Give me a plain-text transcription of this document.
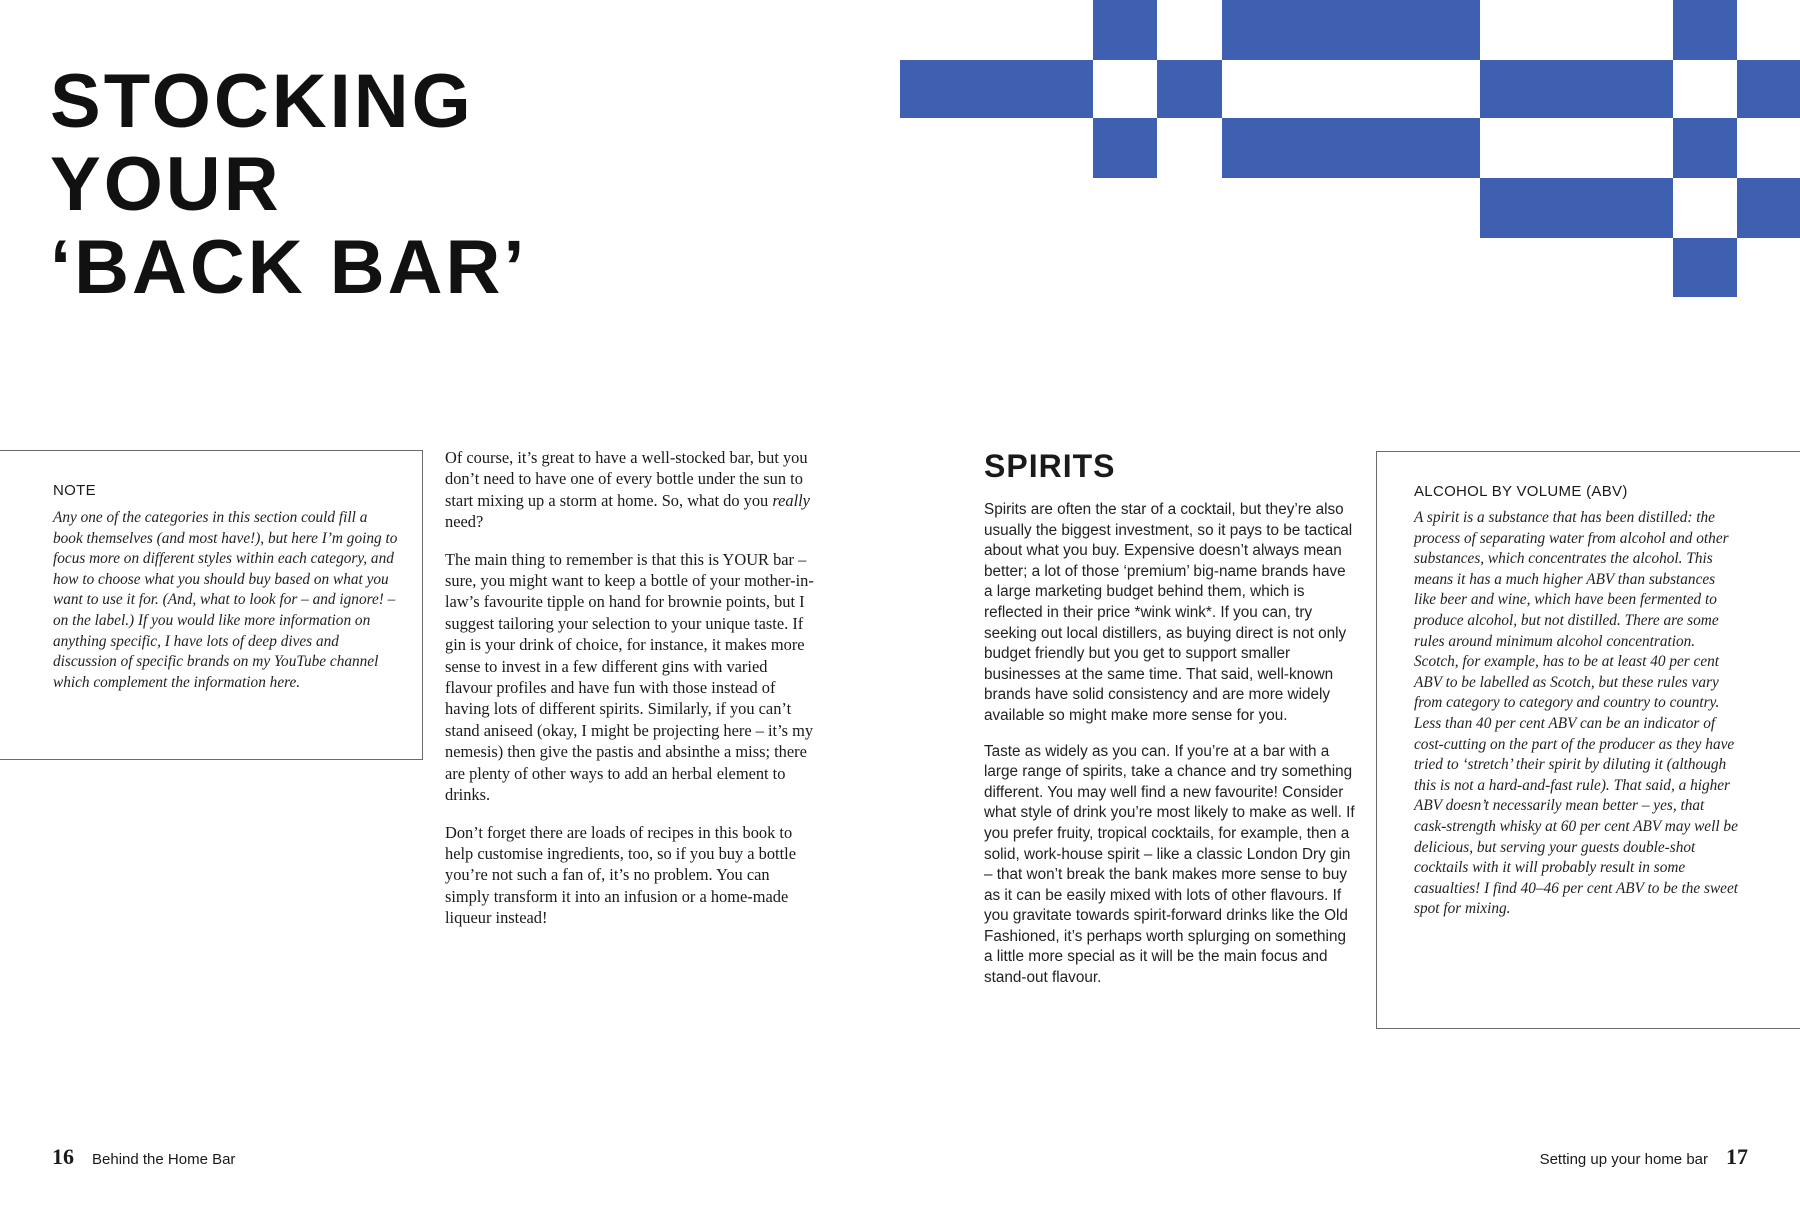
STOCKING
YOUR
‘BACK BAR’
NOTE

Any one of the categories in this section could fill a book themselves (and most have!), but here I’m going to focus more on different styles within each category, and how to choose what you should buy based on what you want to use it for. (And, what to look for – and ignore! – on the label.) If you would like more information on anything specific, I have lots of deep dives and discussion of specific brands on my YouTube channel which complement the information here.

Of course, it’s great to have a well-stocked bar, but you don’t need to have one of every bottle under the sun to start mixing up a storm at home. So, what do you really need?

The main thing to remember is that this is YOUR bar – sure, you might want to keep a bottle of your mother-in-law’s favourite tipple on hand for brownie points, but I suggest tailoring your selection to your unique taste. If gin is your drink of choice, for instance, it makes more sense to invest in a few different gins with varied flavour profiles and have fun with those instead of having lots of different spirits. Similarly, if you can’t stand aniseed (okay, I might be projecting here – it’s my nemesis) then give the pastis and absinthe a miss; there are plenty of other ways to add an herbal element to drinks.

Don’t forget there are loads of recipes in this book to help customise ingredients, too, so if you buy a bottle you’re not such a fan of, it’s no problem. You can simply transform it into an infusion or a home-made liqueur instead!

SPIRITS

Spirits are often the star of a cocktail, but they’re also usually the biggest investment, so it pays to be tactical about what you buy. Expensive doesn’t always mean better; a lot of those ‘premium’ big-name brands have a large marketing budget behind them, which is reflected in their price *wink wink*. If you can, try seeking out local distillers, as buying direct is not only budget friendly but you get to support smaller businesses at the same time. That said, well-known brands have solid consistency and are more widely available so might make more sense for you.

Taste as widely as you can. If you’re at a bar with a large range of spirits, take a chance and try something different. You may well find a new favourite! Consider what style of drink you’re most likely to make as well. If you prefer fruity, tropical cocktails, for example, then a solid, work-house spirit – like a classic London Dry gin – that won’t break the bank makes more sense to buy as it can be easily mixed with lots of other flavours. If you gravitate towards spirit-forward drinks like the Old Fashioned, it’s perhaps worth splurging on something a little more special as it will be the main focus and stand-out flavour.

ALCOHOL BY VOLUME (ABV)

A spirit is a substance that has been distilled: the process of separating water from alcohol and other substances, which concentrates the alcohol. This means it has a much higher ABV than substances like beer and wine, which have been fermented to produce alcohol, but not distilled. There are some rules around minimum alcohol concentration. Scotch, for example, has to be at least 40 per cent ABV to be labelled as Scotch, but these rules vary from category to category and country to country. Less than 40 per cent ABV can be an indicator of cost-cutting on the part of the producer as they have tried to ‘stretch’ their spirit by diluting it (although this is not a hard-and-fast rule). That said, a higher ABV doesn’t necessarily mean better – yes, that cask-strength whisky at 60 per cent ABV may well be delicious, but serving your guests double-shot cocktails with it will probably result in some casualties! I find 40–46 per cent ABV to be the sweet spot for mixing.

16 Behind the Home Bar	Setting up your home bar 17
